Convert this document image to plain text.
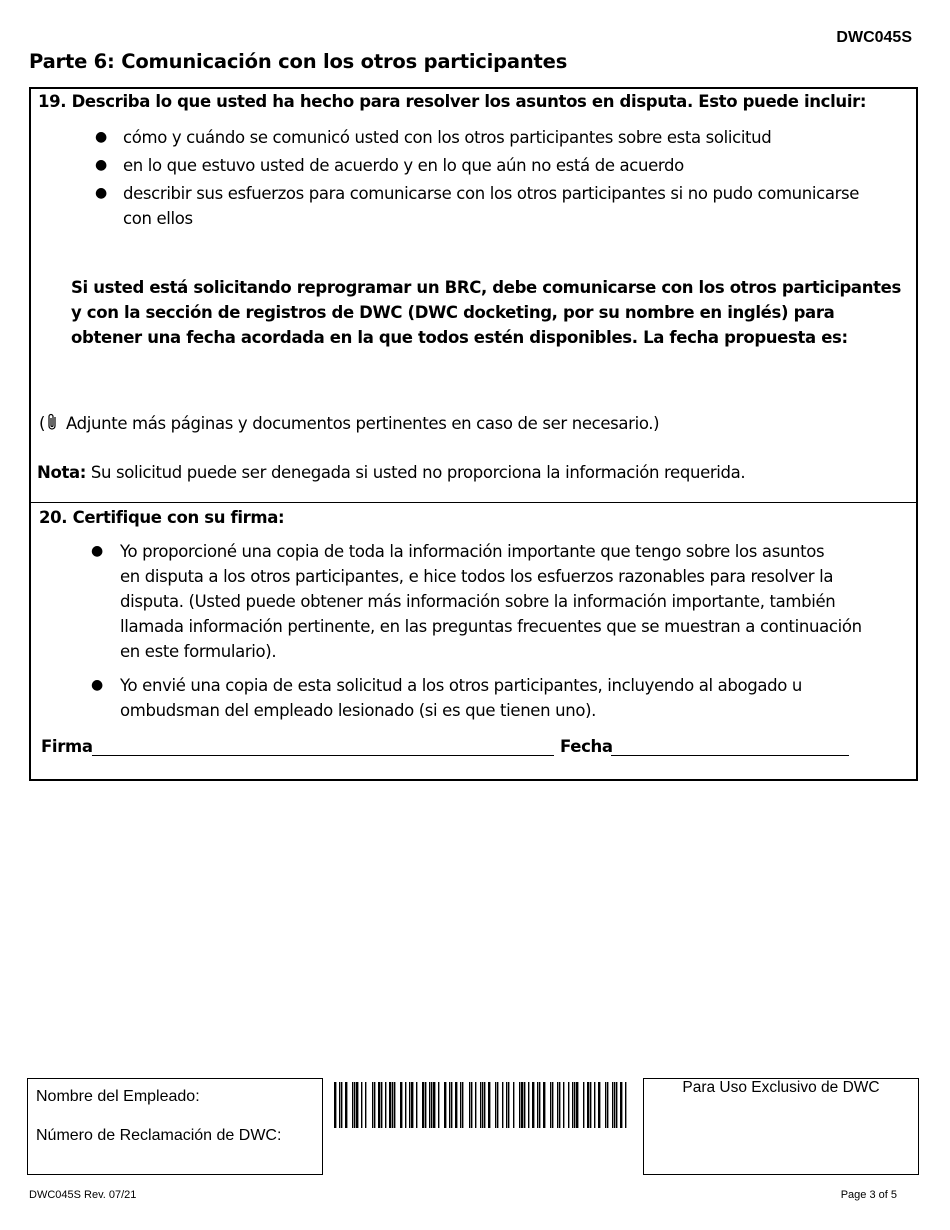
DWC045S
Parte 6: Comunicación con los otros participantes

19. Describa lo que usted ha hecho para resolver los asuntos en disputa. Esto puede incluir:

● cómo y cuándo se comunicó usted con los otros participantes sobre esta solicitud

● en lo que estuvo usted de acuerdo y en lo que aún no está de acuerdo

● describir sus esfuerzos para comunicarse con los otros participantes si no pudo comunicarse

con ellos

Si usted está solicitando reprogramar un BRC, debe comunicarse con los otros participantes

y con la sección de registros de DWC (DWC docketing, por su nombre en inglés) para

obtener una fecha acordada en la que todos estén disponibles. La fecha propuesta es:

( Adjunte más páginas y documentos pertinentes en caso de ser necesario.)

Nota: Su solicitud puede ser denegada si usted no proporciona la información requerida.

20. Certifique con su firma:

● Yo proporcioné una copia de toda la información importante que tengo sobre los asuntos

en disputa a los otros participantes, e hice todos los esfuerzos razonables para resolver la

disputa. (Usted puede obtener más información sobre la información importante, también

llamada información pertinente, en las preguntas frecuentes que se muestran a continuación

en este formulario).

● Yo envié una copia de esta solicitud a los otros participantes, incluyendo al abogado u

ombudsman del empleado lesionado (si es que tienen uno).

Firma	Fecha

Nombre del Empleado:

Número de Reclamación de DWC:

Para Uso Exclusivo de DWC

DWC045S Rev. 07/21	Page 3 of 5
